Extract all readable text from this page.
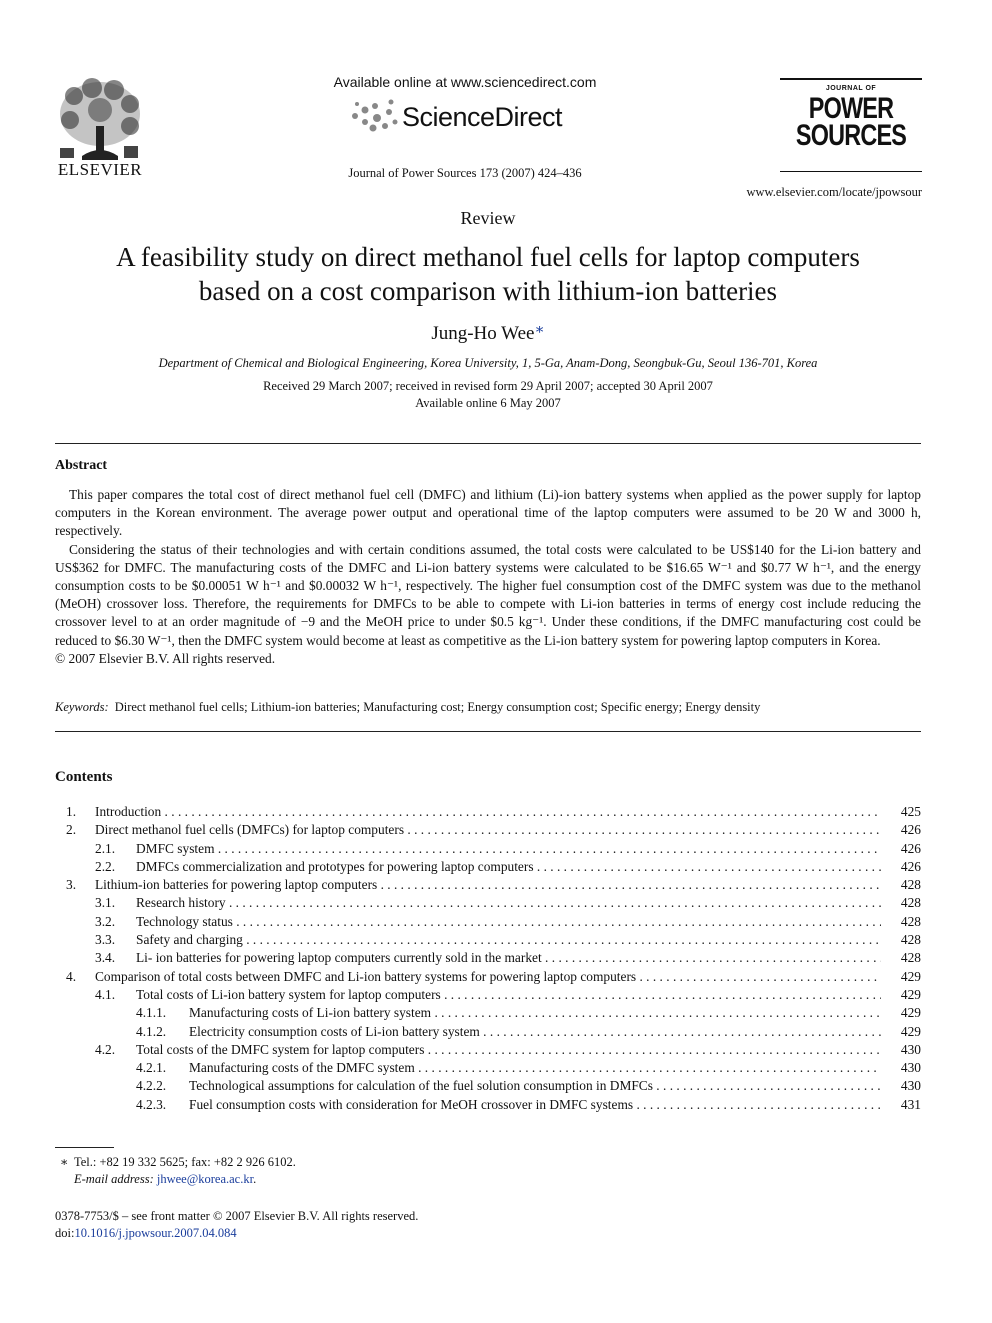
ELSEVIER
Available online at www.sciencedirect.com
ScienceDirect
Journal of Power Sources 173 (2007) 424–436
JOURNAL OF
POWER
SOURCES
www.elsevier.com/locate/jpowsour
Review
A feasibility study on direct methanol fuel cells for laptop computers
based on a cost comparison with lithium-ion batteries
Jung-Ho Wee∗
Department of Chemical and Biological Engineering, Korea University, 1, 5-Ga, Anam-Dong, Seongbuk-Gu, Seoul 136-701, Korea
Received 29 March 2007; received in revised form 29 April 2007; accepted 30 April 2007
Available online 6 May 2007
Abstract

This paper compares the total cost of direct methanol fuel cell (DMFC) and lithium (Li)-ion battery systems when applied as the power supply for laptop computers in the Korean environment. The average power output and operational time of the laptop computers were assumed to be 20 W and 3000 h, respectively.

Considering the status of their technologies and with certain conditions assumed, the total costs were calculated to be US$140 for the Li-ion battery and US$362 for DMFC. The manufacturing costs of the DMFC and Li-ion battery systems were calculated to be $16.65 W⁻¹ and $0.77 W h⁻¹, and the energy consumption costs to be $0.00051 W h⁻¹ and $0.00032 W h⁻¹, respectively. The higher fuel consumption cost of the DMFC system was due to the methanol (MeOH) crossover loss. Therefore, the requirements for DMFCs to be able to compete with Li-ion batteries in terms of energy cost include reducing the crossover level to at an order magnitude of −9 and the MeOH price to under $0.5 kg⁻¹. Under these conditions, if the DMFC manufacturing cost could be reduced to $6.30 W⁻¹, then the DMFC system would become at least as competitive as the Li-ion battery system for powering laptop computers in Korea.

© 2007 Elsevier B.V. All rights reserved.

Keywords: Direct methanol fuel cells; Lithium-ion batteries; Manufacturing cost; Energy consumption cost; Specific energy; Energy density
Contents
1. Introduction . . .	425
2. Direct methanol fuel cells (DMFCs) for laptop computers . . .	426
2.1. DMFC system . . .	426
2.2. DMFCs commercialization and prototypes for powering laptop computers . . .	426
3. Lithium-ion batteries for powering laptop computers . . .	428
3.1. Research history . . .	428
3.2. Technology status . . .	428
3.3. Safety and charging . . .	428
3.4. Li- ion batteries for powering laptop computers currently sold in the market . . .	428
4. Comparison of total costs between DMFC and Li-ion battery systems for powering laptop computers . . .	429
4.1. Total costs of Li-ion battery system for laptop computers . . .	429
4.1.1. Manufacturing costs of Li-ion battery system . . .	429
4.1.2. Electricity consumption costs of Li-ion battery system . . .	429
4.2. Total costs of the DMFC system for laptop computers . . .	430
4.2.1. Manufacturing costs of the DMFC system . . .	430
4.2.2. Technological assumptions for calculation of the fuel solution consumption in DMFCs . . .	430
4.2.3. Fuel consumption costs with consideration for MeOH crossover in DMFC systems . . .	431
∗ Tel.: +82 19 332 5625; fax: +82 2 926 6102.
E-mail address: jhwee@korea.ac.kr.
0378-7753/$ – see front matter © 2007 Elsevier B.V. All rights reserved.
doi:10.1016/j.jpowsour.2007.04.084
